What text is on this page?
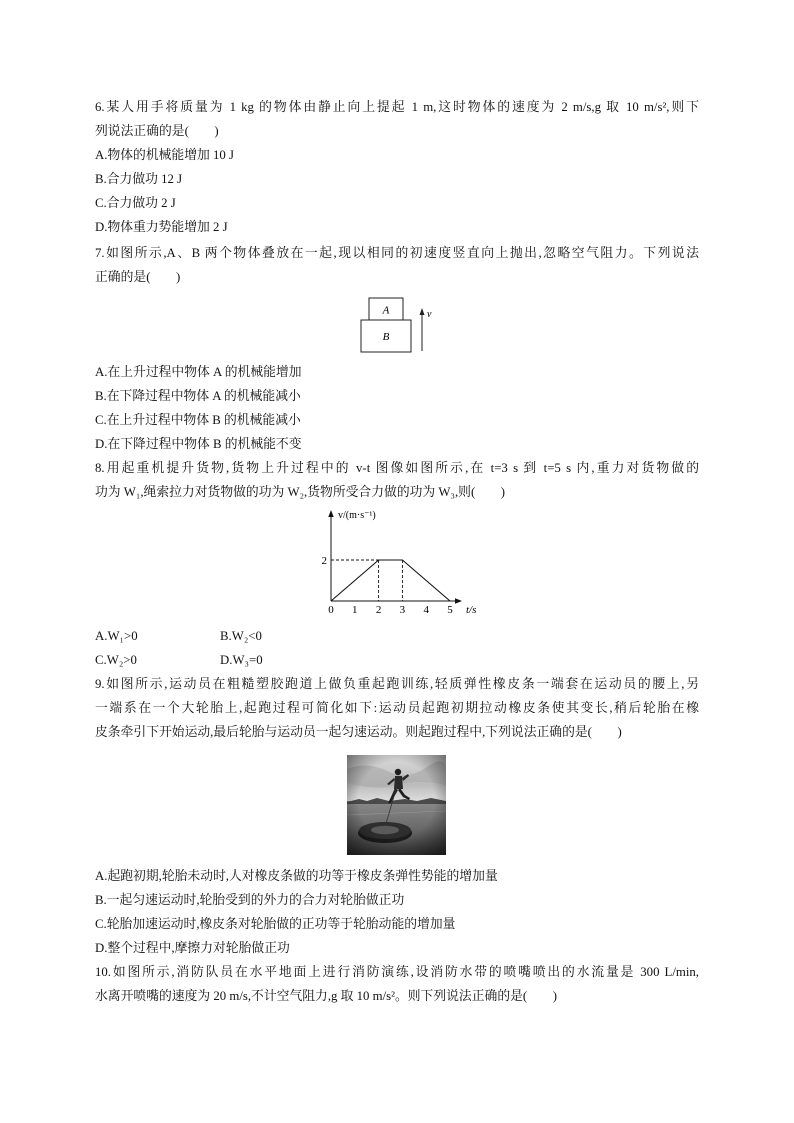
6.某人用手将质量为 1 kg 的物体由静止向上提起 1 m,这时物体的速度为 2 m/s,g 取 10 m/s²,则下
列说法正确的是(　　)
A.物体的机械能增加 10 J
B.合力做功 12 J
C.合力做功 2 J
D.物体重力势能增加 2 J
7.如图所示,A、B 两个物体叠放在一起,现以相同的初速度竖直向上抛出,忽略空气阻力。下列说法
正确的是(　　)
A
B
v
A.在上升过程中物体 A 的机械能增加
B.在下降过程中物体 A 的机械能减小
C.在上升过程中物体 B 的机械能减小
D.在下降过程中物体 B 的机械能不变
8.用起重机提升货物,货物上升过程中的 v-t 图像如图所示,在 t=3 s 到 t=5 s 内,重力对货物做的
功为 W₁,绳索拉力对货物做的功为 W₂,货物所受合力做的功为 W₃,则(　　)
0 1 2 3 4 5
2
v/(m·s⁻¹)
t/s
A.W₁>0	B.W₂<0
C.W₂>0	D.W₃=0
9.如图所示,运动员在粗糙塑胶跑道上做负重起跑训练,轻质弹性橡皮条一端套在运动员的腰上,另
一端系在一个大轮胎上,起跑过程可简化如下:运动员起跑初期拉动橡皮条使其变长,稍后轮胎在橡
皮条牵引下开始运动,最后轮胎与运动员一起匀速运动。则起跑过程中,下列说法正确的是(　　)
A.起跑初期,轮胎未动时,人对橡皮条做的功等于橡皮条弹性势能的增加量
B.一起匀速运动时,轮胎受到的外力的合力对轮胎做正功
C.轮胎加速运动时,橡皮条对轮胎做的正功等于轮胎动能的增加量
D.整个过程中,摩擦力对轮胎做正功
10.如图所示,消防队员在水平地面上进行消防演练,设消防水带的喷嘴喷出的水流量是 300 L/min,
水离开喷嘴的速度为 20 m/s,不计空气阻力,g 取 10 m/s²。则下列说法正确的是(　　)
